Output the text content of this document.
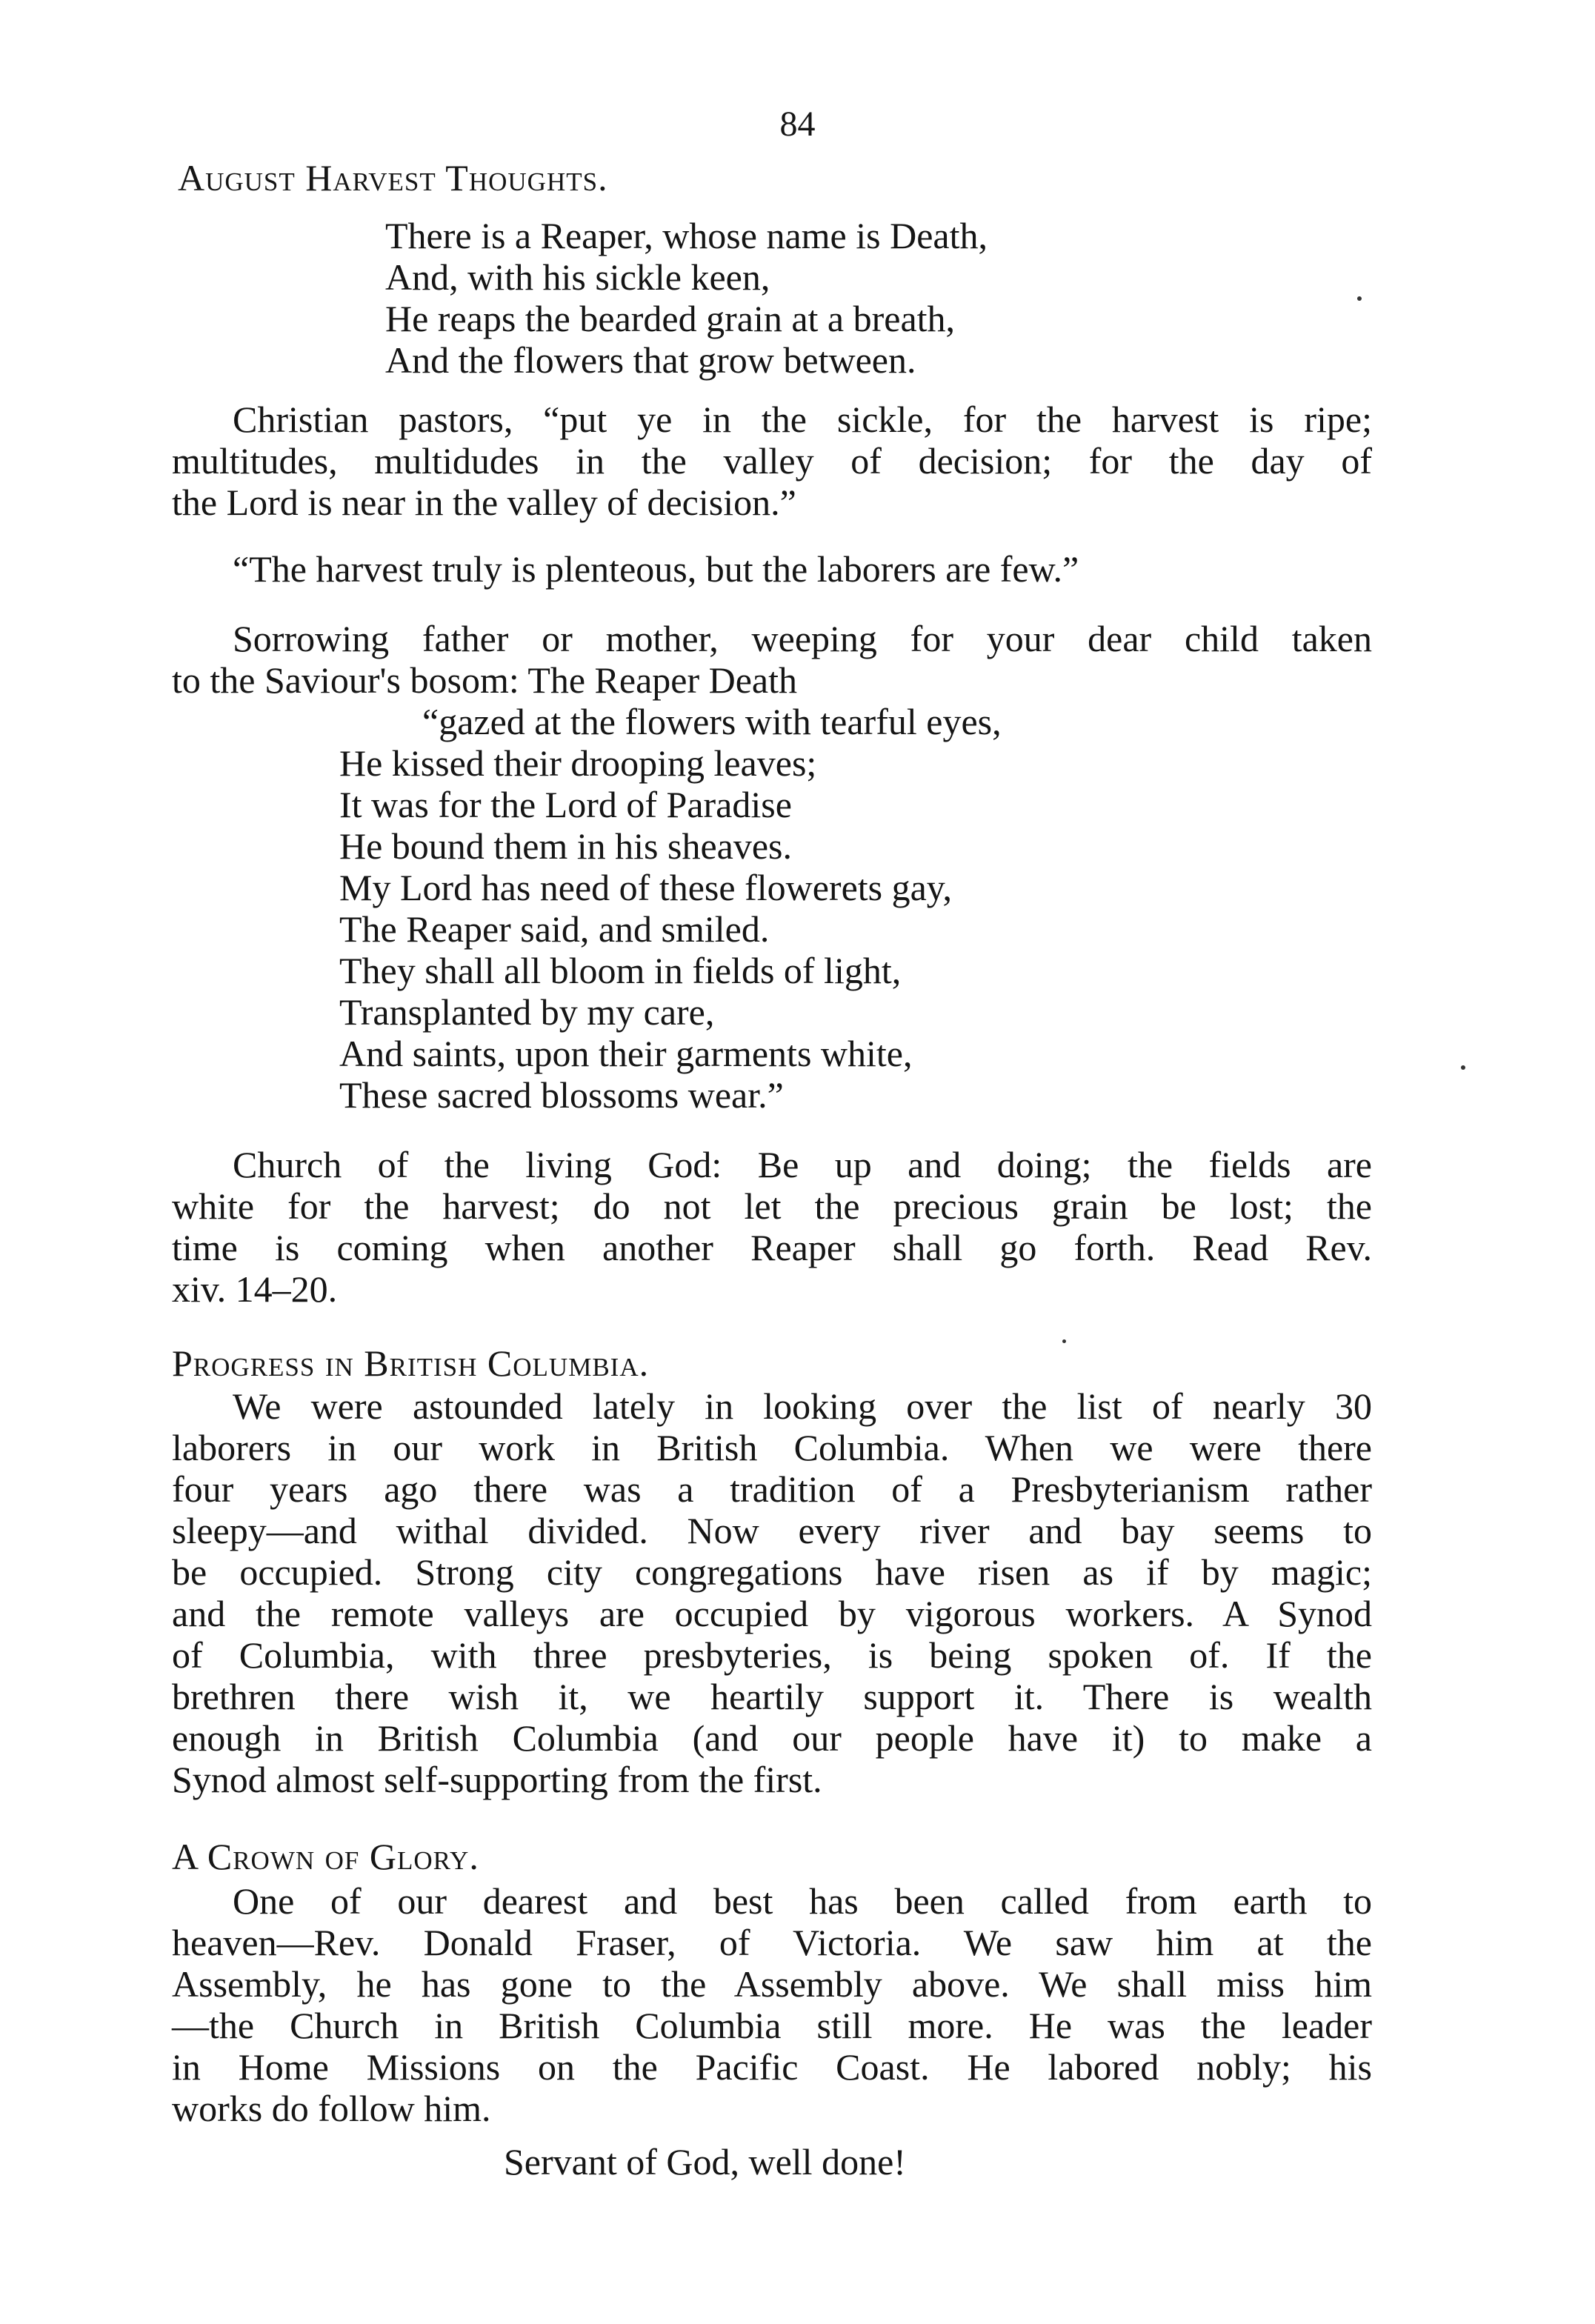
84
August Harvest Thoughts.
There is a Reaper, whose name is Death,
And, with his sickle keen,
He reaps the bearded grain at a breath,
And the flowers that grow between.
Christian pastors, “put ye in the sickle, for the harvest is ripe;
multitudes, multidudes in the valley of decision; for the day of
the Lord is near in the valley of decision.”
“The harvest truly is plenteous, but the laborers are few.”
Sorrowing father or mother, weeping for your dear child taken
to the Saviour's bosom: The Reaper Death
“gazed at the flowers with tearful eyes,
He kissed their drooping leaves;
It was for the Lord of Paradise
He bound them in his sheaves.
My Lord has need of these flowerets gay,
The Reaper said, and smiled.
They shall all bloom in fields of light,
Transplanted by my care,
And saints, upon their garments white,
These sacred blossoms wear.”
Church of the living God: Be up and doing; the fields are
white for the harvest; do not let the precious grain be lost; the
time is coming when another Reaper shall go forth. Read Rev.
xiv. 14–20.
Progress in British Columbia.
We were astounded lately in looking over the list of nearly 30
laborers in our work in British Columbia. When we were there
four years ago there was a tradition of a Presbyterianism rather
sleepy—and withal divided. Now every river and bay seems to
be occupied. Strong city congregations have risen as if by magic;
and the remote valleys are occupied by vigorous workers. A Synod
of Columbia, with three presbyteries, is being spoken of. If the
brethren there wish it, we heartily support it. There is wealth
enough in British Columbia (and our people have it) to make a
Synod almost self-supporting from the first.
A Crown of Glory.
One of our dearest and best has been called from earth to
heaven—Rev. Donald Fraser, of Victoria. We saw him at the
Assembly, he has gone to the Assembly above. We shall miss him
—the Church in British Columbia still more. He was the leader
in Home Missions on the Pacific Coast. He labored nobly; his
works do follow him.
Servant of God, well done!
